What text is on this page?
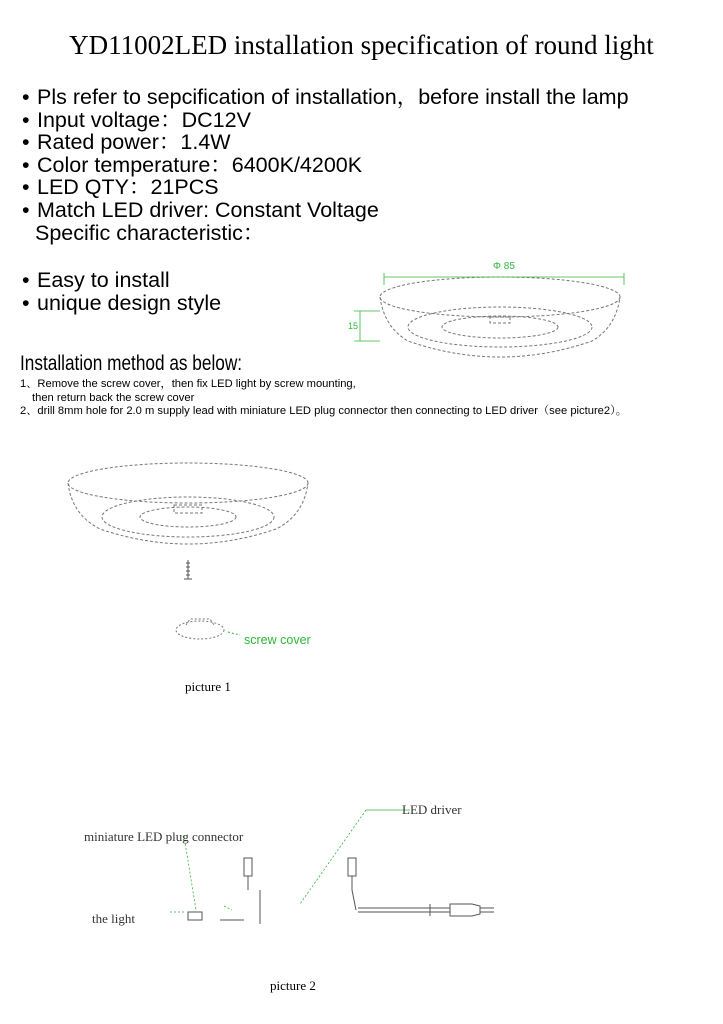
YD11002LED installation specification of round light
• Pls refer to sepcification of installation，before install the lamp
• Input voltage：DC12V
• Rated power：1.4W
• Color temperature：6400K/4200K
• LED QTY：21PCS
• Match LED driver: Constant Voltage
Specific characteristic：
• Easy to install
• unique design style
Φ 85
15
Installation method as below:
1、Remove the screw cover，then fix LED light by screw mounting,
then return back the screw cover
2、drill 8mm hole for 2.0 m supply lead with miniature LED plug connector then connecting to LED driver（see picture2）。
screw cover
picture 1
LED driver
miniature LED plug connector
the light
picture 2
